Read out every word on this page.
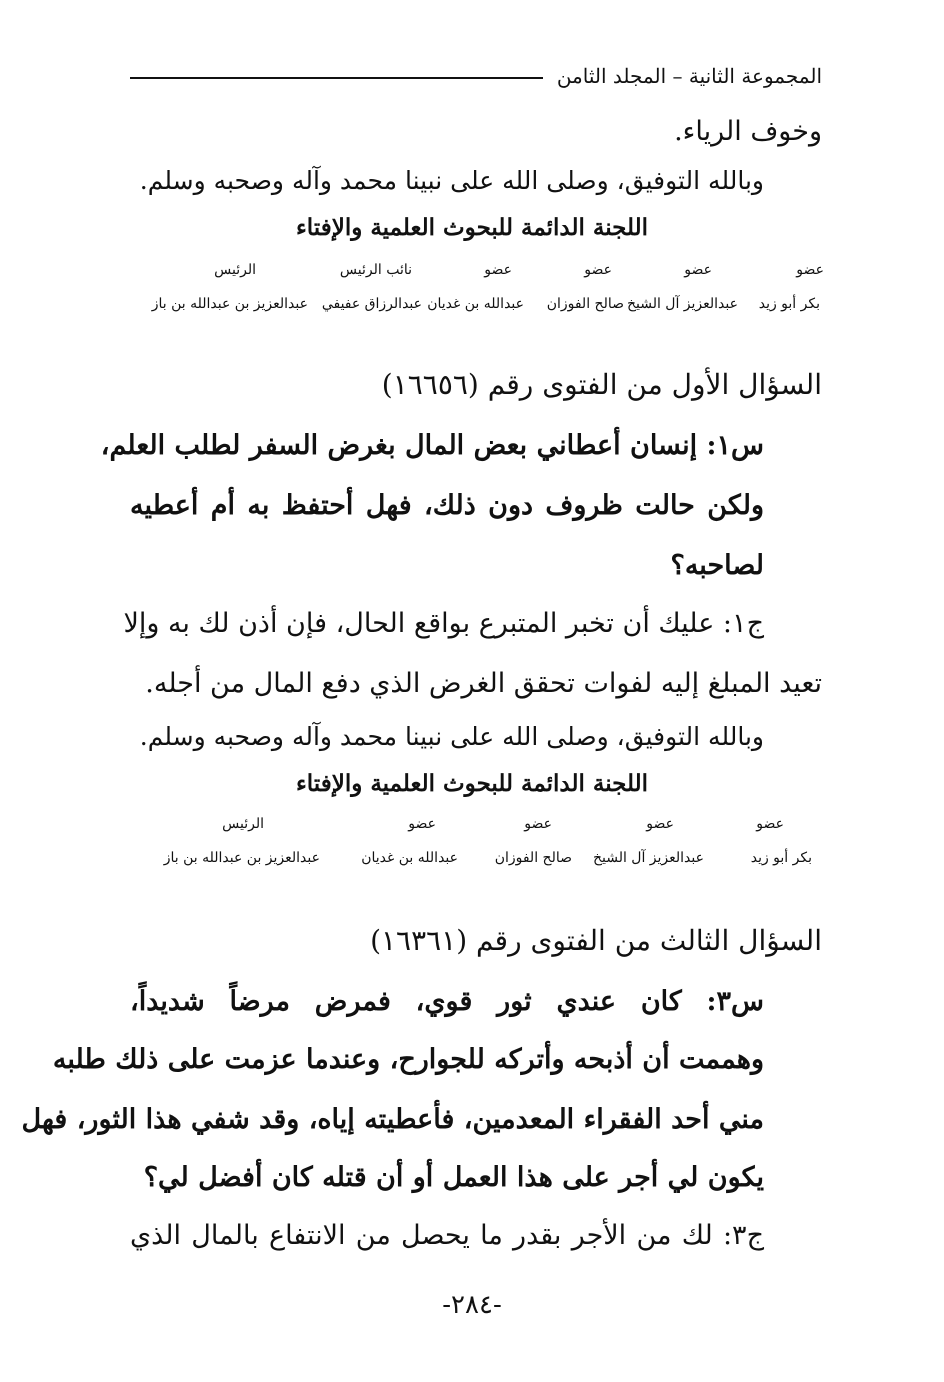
المجموعة الثانية – المجلد الثامن
وخوف الرياء.
وبالله التوفيق، وصلى الله على نبينا محمد وآله وصحبه وسلم.
اللجنة الدائمة للبحوث العلمية والإفتاء
عضو
عضو
عضو
عضو
نائب الرئيس
الرئيس
بكر أبو زيد
عبدالعزيز آل الشيخ
صالح الفوزان
عبدالله بن غديان
عبدالرزاق عفيفي
عبدالعزيز بن عبدالله بن باز
السؤال الأول من الفتوى رقم (١٦٦٥٦)
س١: إنسان أعطاني بعض المال بغرض السفر لطلب العلم،
ولكن حالت ظروف دون ذلك، فهل أحتفظ به أم أعطيه
لصاحبه؟
ج١: عليك أن تخبر المتبرع بواقع الحال، فإن أذن لك به وإلا
تعيد المبلغ إليه لفوات تحقق الغرض الذي دفع المال من أجله.
وبالله التوفيق، وصلى الله على نبينا محمد وآله وصحبه وسلم.
اللجنة الدائمة للبحوث العلمية والإفتاء
عضو
عضو
عضو
عضو
الرئيس
بكر أبو زيد
عبدالعزيز آل الشيخ
صالح الفوزان
عبدالله بن غديان
عبدالعزيز بن عبدالله بن باز
السؤال الثالث من الفتوى رقم (١٦٣٦١)
س٣: كان عندي ثور قوي، فمرض مرضاً شديداً،
وهممت أن أذبحه وأتركه للجوارح، وعندما عزمت على ذلك طلبه
مني أحد الفقراء المعدمين، فأعطيته إياه، وقد شفي هذا الثور، فهل
يكون لي أجر على هذا العمل أو أن قتله كان أفضل لي؟
ج٣: لك من الأجر بقدر ما يحصل من الانتفاع بالمال الذي
-٢٨٤-
